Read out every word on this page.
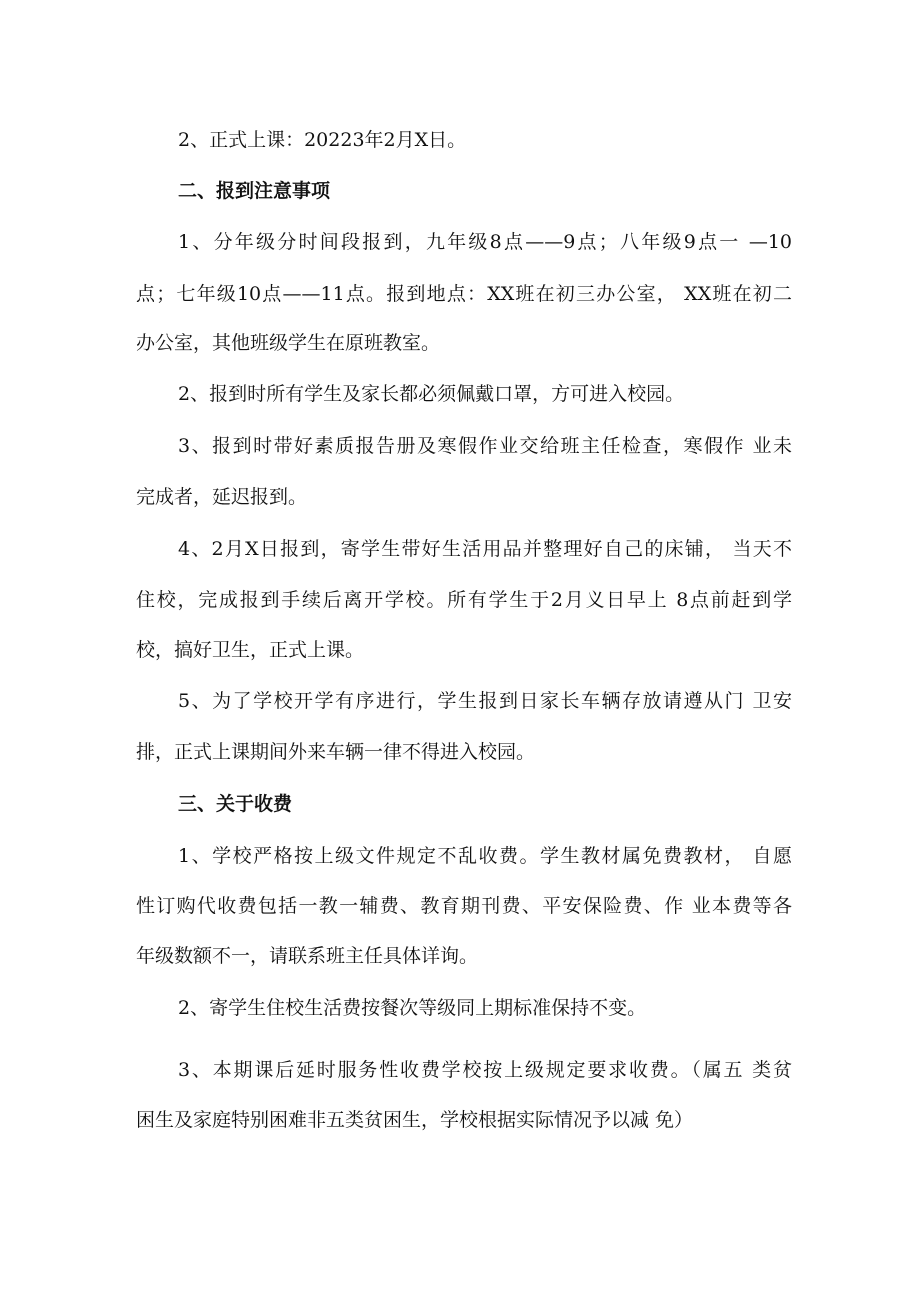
2、正式上课：20223年2月X日。
二、报到注意事项
1、分年级分时间段报到，九年级8点——9点；八年级9点一 —10
点；七年级10点——11点。报到地点：XX班在初三办公室， XX班在初二
办公室，其他班级学生在原班教室。
2、报到时所有学生及家长都必须佩戴口罩，方可进入校园。
3、报到时带好素质报告册及寒假作业交给班主任检查，寒假作 业未
完成者，延迟报到。
4、2月X日报到，寄学生带好生活用品并整理好自己的床铺， 当天不
住校，完成报到手续后离开学校。所有学生于2月义日早上 8点前赶到学
校，搞好卫生，正式上课。
5、为了学校开学有序进行，学生报到日家长车辆存放请遵从门 卫安
排，正式上课期间外来车辆一律不得进入校园。
三、关于收费
1、学校严格按上级文件规定不乱收费。学生教材属免费教材， 自愿
性订购代收费包括一教一辅费、教育期刊费、平安保险费、作 业本费等各
年级数额不一，请联系班主任具体详询。
2、寄学生住校生活费按餐次等级同上期标准保持不变。
3、本期课后延时服务性收费学校按上级规定要求收费。（属五 类贫
困生及家庭特别困难非五类贫困生，学校根据实际情况予以减 免）
